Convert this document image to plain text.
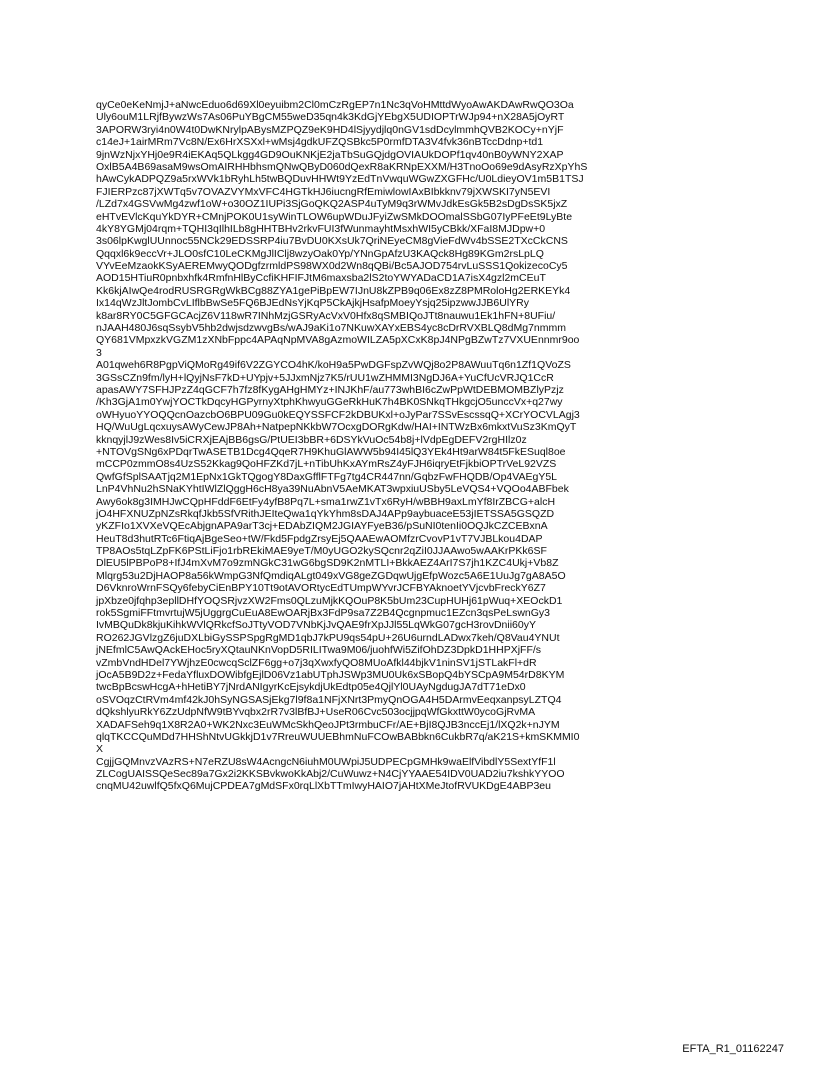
qyCe0eKeNmjJ+aNwcEduo6d69Xl0eyuibm2Cl0mCzRgEP7n1Nc3qVoHMttdWyoAwAKDAwRwQO3Oa
Uly6ouM1LRjfBywzWs7As06PuYBgCM55weD35qn4k3KdGjYEbgX5UDIOPTrWJp94+nX28A5jOyRT
3APORW3ryi4n0W4t0DwKNrylpABysMZPQZ9eK9HD4lSjyydjlq0nGV1sdDcylmmhQVB2KOCy+nYjF
c14eJ+1airMRm7Vc8N/Ex6HrXSXxl+wMsj4gdkUFZQSBkc5P0rmfDTA3V4fvk36nBTccDdnp+td1
9jnWzNjxYHj0e9R4iEKAq5QLkgg4GD9OuKNKjE2jaTbSuGQjdgOVIAUkDOPf1qv40nB0yWNY2XAP
OxlB5A4B69asaM9wsOmAIRHHbhsmQNwQByD060dQexR8aKRNpEXXM/H3TnoOo69e9dAsyRzXpYhS
hAwCykADPQZ9a5rxWVk1bRyhLh5twBQDuvHHWt9YzEdTnVwquWGwZXGFHc/U0LdieyOV1m5B1TSJ
FJIERPzc87jXWTq5v7OVAZVYMxVFC4HGTkHJ6iucngRfEmiwlowIAxBIbkknv79jXWSKI7yN5EVI
/LZd7x4GSVwMg4zwf1oW+o30OZ1IUPi3SjGoQKQ2ASP4uTyM9q3rWMvJdkEsGk5B2sDgDsSK5jxZ
eHTvEVlcKquYkDYR+CMnjPOK0U1syWinTLOW6upWDuJFyiZwSMkDOOmalSSbG07IyPFeEt9LyBte
4kY8YGMj04rqm+TQHI3qIlhILb8gHHTBHv2rkvFUI3fWunmayhtMsxhWI5yCBkk/XFaI8MJDpw+0
3s06lpKwglUUnnoc55NCk29EDSSRP4iu7BvDU0KXsUk7QriNEyeCM8gVieFdWv4bSSE2TXcCkCNS
Qqqxl6k9eccVr+JLO0sfC10LeCKMgJlIClj8wzyOak0Yp/YNnGpAfzU3KAQck8Hg89KGm2rsLpLQ
VYvEeMzaokKSyAEREMwyQODgfzrmldPS98WX0d2Wn8qQBi/Bc5AJOD754rvLuSSS1QokizecoCy5
AOD15HTiuR0pnbxhfk4RmfnHlByCcfiKHFIFJtM6maxsba2lS2toYWYADaCD1A7isX4gzl2mCEuT
Kk6kjAIwQe4rodRUSRGRgWkBCg88ZYA1gePiBpEW7IJnU8kZPB9q06Ex8zZ8PMRoloHg2ERKEYk4
Ix14qWzJltJombCvLIflbBwSe5FQ6BJEdNsYjKqP5CkAjkjHsafpMoeyYsjq25ipzwwJJB6UlYRy
k8ar8RY0C5GFGCAcjZ6V118wR7INhMzjGSRyAcVxV0Hfx8qSMBIQoJTt8nauwu1Ek1hFN+8UFiu/
nJAAH480J6sqSsybV5hb2dwjsdzwvgBs/wAJ9aKi1o7NKuwXAYxEBS4yc8cDrRVXBLQ8dMg7nmmm
QY681VMpxzkVGZM1zXNbFppc4APAqNpMVA8gAzmoWILZA5pXCxK8pJ4NPgBZwTz7VXUEnnmr9oo
3
A01qweh6R8PgpViQMoRg49if6V2ZGYCO4hK/koH9a5PwDGFspZvWQj8o2P8AWuuTq6n1Zf1QVoZS
3GSsCZn9fm/lyH+lQyjNsF7kD+UYpjv+5JJxmNjz7K5/rUU1wZHMMI3NgDJ6A+YuCfUcVRJQ1CcR
apasAWY7SFHJPzZ4qGCF7h7fz8fKygAHgHMYz+INJKhF/au773whBI6cZwPpWtDEBMOMBZlyPzjz
/Kh3GjA1m0YwjYOCTkDqcyHGPyrnyXtphKhwyuGGeRkHuK7h4BK0SNkqTHkgcjO5unccVx+q27wy
oWHyuoYYOQQcnOazcbO6BPU09Gu0kEQYSSFCF2kDBUKxl+oJyPar7SSvEscssqQ+XCrYOCVLAgj3
HQ/WuUgLqcxuysAWyCewJP8Ah+NatpepNKkbW7OcxgDORgKdw/HAI+INTWzBx6mkxtVuSz3KmQyT
kknqyjlJ9zWes8Iv5iCRXjEAjBB6gsG/PtUEI3bBR+6DSYkVuOc54b8j+lVdpEgDEFV2rgHIlz0z
+NTOVgSNg6xPDqrTwASETB1Dcg4QqeR7H9KhuGlAWW5b94I45lQ3YEk4Ht9arW84t5FkESuql8oe
mCCP0zmmO8s4UzS52Kkag9QoHFZKd7jL+nTibUhKxAYmRsZ4yFJH6iqryEtFjkbiOPTrVeL92VZS
QwfGfSplSAATjq2M1EpNx1GkTQgogY8DaxGfflFTFg7tg4CR447nn/GqbzFwFHQDB/Op4VAEgY5L
LnP4VhNu2hSNaKYhtIWlZlQggH6cH8ya39NuAbnV5AeMKAT3wpxiuUSby5LeVQS4+VQOo4ABFbek
Awy6ok8g3IMHJwCQpHFddF6EtFy4yfB8Pq7L+sma1rwZ1vTx6RyH/wBBH9axLmYf8IrZBCG+alcH
jO4HFXNUZpNZsRkqfJkb5SfVRithJEIteQwa1qYkYhm8sDAJ4APp9aybuaceE53jIETSSA5GSQZD
yKZFIo1XVXeVQEcAbjgnAPA9arT3cj+EDAbZIQM2JGIAYFyeB36/pSuNI0tenIi0OQJkCZCEBxnA
HeuT8d3hutRTc6FtiqAjBgeSeo+tW/Fkd5FpdgZrsyEj5QAAEwAOMfzrCvovP1vT7VJBLkou4DAP
TP8AOs5tqLZpFK6PStLiFjo1rbREkiMAE9yeT/M0yUGO2kySQcnr2qZiI0JJAAwo5wAAKrPKk6SF
DlEU5lPBPoP8+IfJ4mXvM7o9zmNGkC31wG6bgSD9K2nMTLI+BkkAEZ4ArI7S7jh1KZC4Ukj+Vb8Z
Mlqrg53u2DjHAOP8a56kWmpG3NfQmdiqALgt049xVG8geZGDqwUjgEfpWozc5A6E1UuJg7gA8A5O
D6VknroWrnFSQy6febyCiEnBPY10Tt9otAVORtycEdTUmpWYvrJCFBYAknoetYVjcvbFreckY6Z7
jpXbze0jfqhp3epllDHfYOQSRjvzXW2Fms0QLzuMjkKQOuP8K5bUm23CupHUHj61pWuq+XEOckD1
rok5SgmiFFtmvrtujW5jUggrgCuEuA8EwOARjBx3FdP9sa7Z2B4Qcgnpmuc1EZcn3qsPeLswnGy3
IvMBQuDk8kjuKihkWVlQRkcfSoJTtyVOD7VNbKjJvQAE9frXpJJl55LqWkG07gcH3rovDnii60yY
RO262JGVlzgZ6juDXLbiGySSPSpgRgMD1qbJ7kPU9qs54pU+26U6urndLADwx7keh/Q8Vau4YNUt
jNEfmlC5AwQAckEHoc5ryXQtauNKnVopD5RILITwa9M06/juohfWi5ZifOhDZ3DpkD1HHPXjFF/s
vZmbVndHDel7YWjhzE0cwcqSclZF6gg+o7j3qXwxfyQO8MUoAfkl44bjkV1ninSV1jSTLakFl+dR
jOcA5B9D2z+FedaYfluxDOWibfgEjlD06Vz1abUTphJSWp3MU0Uk6xSBopQ4bYSCpA9M54rD8KYM
twcBpBcswHcgA+hHetiBY7jNrdANIgyrKcEjsykdjUkEdtp05e4QjlYl0UAyNgdugJA7dT71eDx0
oSVOqzCtRVm4mf42kJ0hSyNGSASjEkg7l9f8a1NFjXNrt3PmyQnOGA4H5DArmvEeqxanpsyLZTQ4
dQkshlyuRkY6ZzUdpNfW9tBYvqbx2rR7v3lBfBJ+UseR06Cvc503ocjjpqWfGkxttW0ycoGjRvMA
XADAFSeh9q1X8R2A0+WK2Nxc3EuWMcSkhQeoJPt3rmbuCFr/AE+BjI8QJB3nccEj1/lXQ2k+nJYM
qlqTKCCQuMDd7HHShNtvUGkkjD1v7RreuWUUEBhmNuFCOwBABbkn6CukbR7q/aK21S+kmSKMMI0
X
CgjjGQMnvzVAzRS+N7eRZU8sW4AcngcN6iuhM0UWpiJ5UDPECpGMHk9waElfVibdlY5SextYfF1l
ZLCogUAISSQeSec89a7Gx2i2KKSBvkwoKkAbj2/CuWuwz+N4CjYYAAE54IDV0UAD2iu7kshkYYOO
cnqMU42uwlfQ5fxQ6MujCPDEA7gMdSFx0rqLlXbTTmIwyHAIO7jAHtXMeJtofRVUKDgE4ABP3eu
EFTA_R1_01162247
